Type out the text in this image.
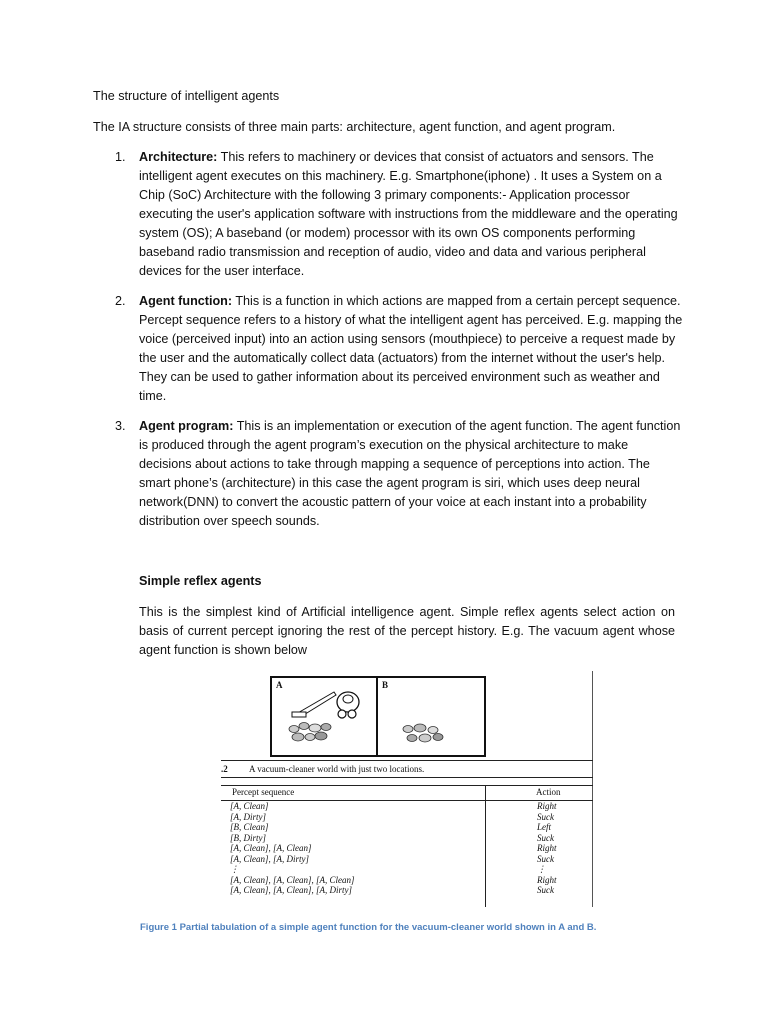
The structure of intelligent agents
The IA structure consists of three main parts: architecture, agent function, and agent program.
1. Architecture: This refers to machinery or devices that consist of actuators and sensors. The intelligent agent executes on this machinery. E.g. Smartphone(iphone) . It uses a System on a Chip (SoC) Architecture with the following 3 primary components:- Application processor executing the user's application software with instructions from the middleware and the operating system (OS); A baseband (or modem) processor with its own OS components performing baseband radio transmission and reception of audio, video and data and various peripheral devices for the user interface.
2. Agent function: This is a function in which actions are mapped from a certain percept sequence. Percept sequence refers to a history of what the intelligent agent has perceived. E.g. mapping the voice (perceived input) into an action using sensors (mouthpiece) to perceive a request made by the user and the automatically collect data (actuators) from the internet without the user's help. They can be used to gather information about its perceived environment such as weather and time.
3. Agent program: This is an implementation or execution of the agent function. The agent function is produced through the agent program’s execution on the physical architecture to make decisions about actions to take through mapping a sequence of perceptions into action. The smart phone’s (architecture) in this case the agent program is siri, which uses deep neural network(DNN) to convert the acoustic pattern of your voice at each instant into a probability distribution over speech sounds.
Simple reflex agents
This is the simplest kind of Artificial intelligence agent. Simple reflex agents select action on basis of current percept ignoring the rest of the percept history. E.g. The vacuum agent whose agent function is shown below
A	B
.2 A vacuum-cleaner world with just two locations.
Percept sequence	Action
[A, Clean]	Right
[A, Dirty]	Suck
[B, Clean]	Left
[B, Dirty]	Suck
[A, Clean], [A, Clean]	Right
[A, Clean], [A, Dirty]	Suck
⋮	⋮
[A, Clean], [A, Clean], [A, Clean]	Right
[A, Clean], [A, Clean], [A, Dirty]	Suck
Figure 1 Partial tabulation of a simple agent function for the vacuum-cleaner world shown in A and B.
